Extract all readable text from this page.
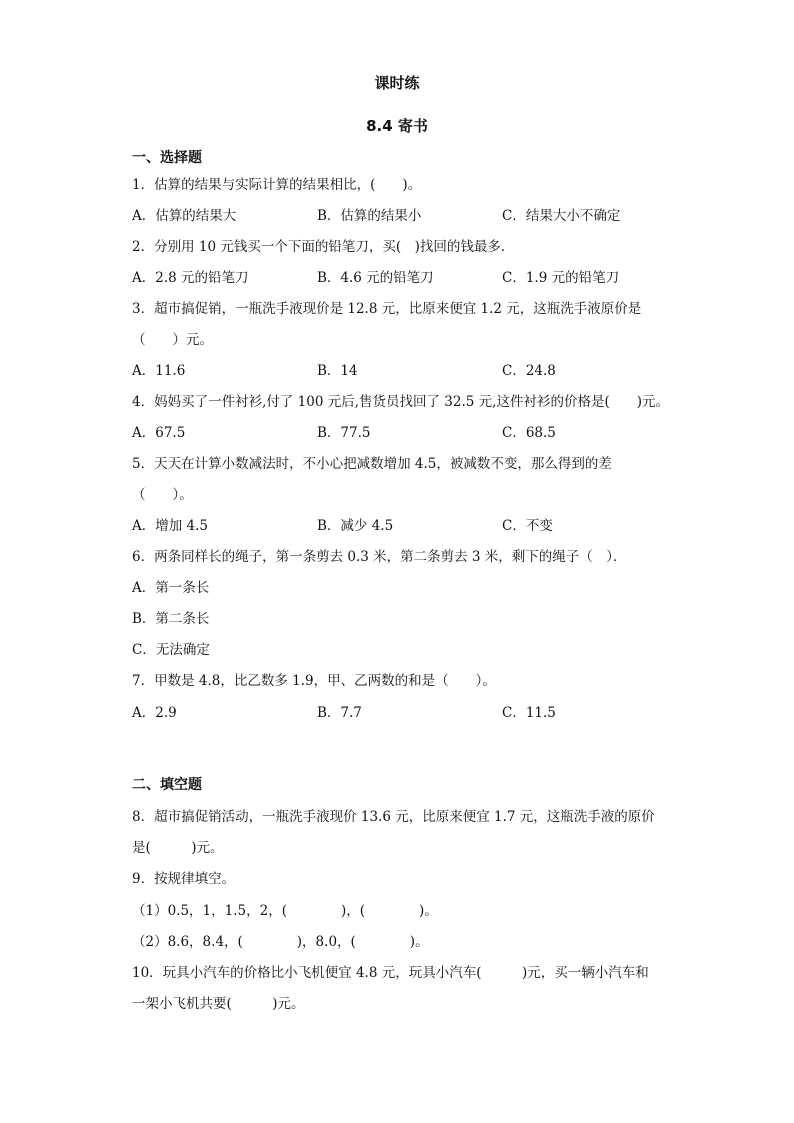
课时练
8.4 寄书
一、选择题
1．估算的结果与实际计算的结果相比，(　　)。
A．估算的结果大	B．估算的结果小	C．结果大小不确定
2．分别用 10 元钱买一个下面的铅笔刀，买(　)找回的钱最多．
A．2.8 元的铅笔刀	B．4.6 元的铅笔刀	C．1.9 元的铅笔刀
3．超市搞促销，一瓶洗手液现价是 12.8 元，比原来便宜 1.2 元，这瓶洗手液原价是
（　　）元。
A．11.6	B．14	C．24.8
4．妈妈买了一件衬衫,付了 100 元后,售货员找回了 32.5 元,这件衬衫的价格是(　　)元。
A．67.5	B．77.5	C．68.5
5．天天在计算小数减法时，不小心把减数增加 4.5，被减数不变，那么得到的差
（　　）。
A．增加 4.5	B．减少 4.5	C．不变
6．两条同样长的绳子，第一条剪去 0.3 米，第二条剪去 3 米，剩下的绳子（　）．
A．第一条长
B．第二条长
C．无法确定
7．甲数是 4.8，比乙数多 1.9，甲、乙两数的和是（　　）。
A．2.9	B．7.7	C．11.5
二、填空题
8．超市搞促销活动，一瓶洗手液现价 13.6 元，比原来便宜 1.7 元，这瓶洗手液的原价
是(　　　)元。
9．按规律填空。
（1）0.5，1，1.5，2，(　　　　)，(　　　　)。
（2）8.6，8.4，(　　　　)，8.0，(　　　　)。
10．玩具小汽车的价格比小飞机便宜 4.8 元，玩具小汽车(　　　)元，买一辆小汽车和
一架小飞机共要(　　　)元。
